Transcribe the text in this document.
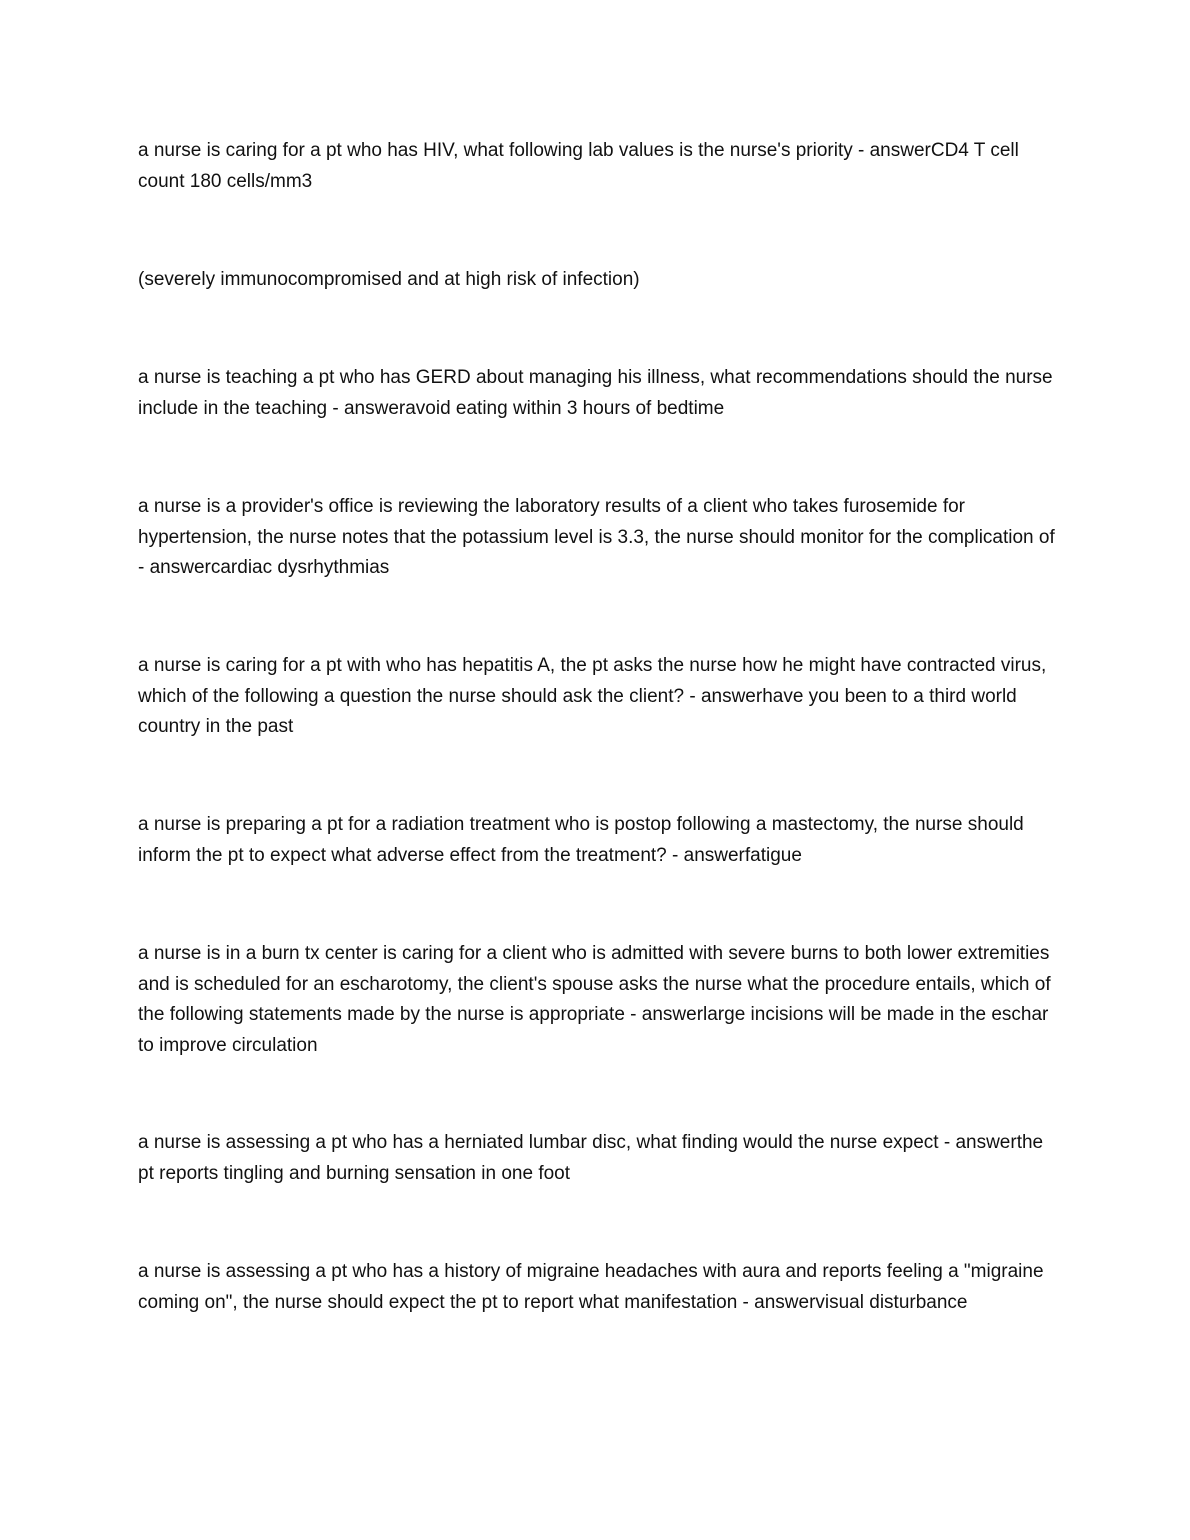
a nurse is caring for a pt who has HIV, what following lab values is the nurse's priority - answerCD4 T cell count 180 cells/mm3

(severely immunocompromised and at high risk of infection)

a nurse is teaching a pt who has GERD about managing his illness, what recommendations should the nurse include in the teaching - answeravoid eating within 3 hours of bedtime

a nurse is a provider's office is reviewing the laboratory results of a client who takes furosemide for hypertension, the nurse notes that the potassium level is 3.3, the nurse should monitor for the complication of - answercardiac dysrhythmias

a nurse is caring for a pt with who has hepatitis A, the pt asks the nurse how he might have contracted virus, which of the following a question the nurse should ask the client? - answerhave you been to a third world country in the past

a nurse is preparing a pt for a radiation treatment who is postop following a mastectomy, the nurse should inform the pt to expect what adverse effect from the treatment? - answerfatigue

a nurse is in a burn tx center is caring for a client who is admitted with severe burns to both lower extremities and is scheduled for an escharotomy, the client's spouse asks the nurse what the procedure entails, which of the following statements made by the nurse is appropriate - answerlarge incisions will be made in the eschar to improve circulation

a nurse is assessing a pt who has a herniated lumbar disc, what finding would the nurse expect - answerthe pt reports tingling and burning sensation in one foot

a nurse is assessing a pt who has a history of migraine headaches with aura and reports feeling a "migraine coming on", the nurse should expect the pt to report what manifestation - answervisual disturbance
